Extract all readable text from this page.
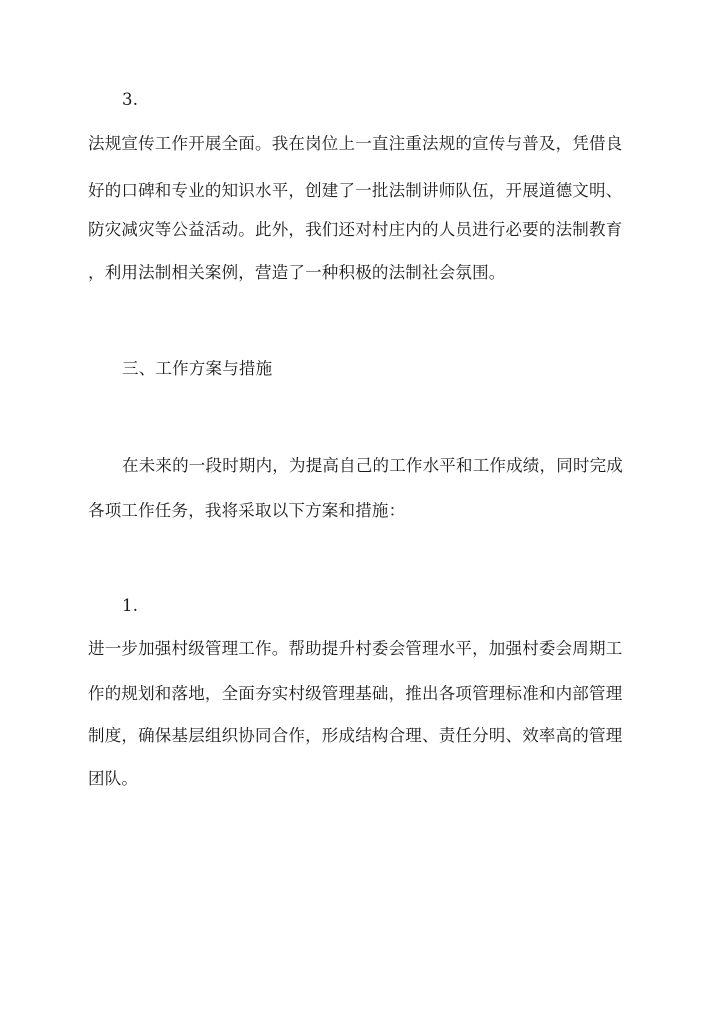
3.
法规宣传工作开展全面。我在岗位上一直注重法规的宣传与普及，凭借良
好的口碑和专业的知识水平，创建了一批法制讲师队伍，开展道德文明、
防灾减灾等公益活动。此外，我们还对村庄内的人员进行必要的法制教育
，利用法制相关案例，营造了一种积极的法制社会氛围。
三、工作方案与措施
在未来的一段时期内，为提高自己的工作水平和工作成绩，同时完成
各项工作任务，我将采取以下方案和措施：
1.
进一步加强村级管理工作。帮助提升村委会管理水平，加强村委会周期工
作的规划和落地，全面夯实村级管理基础，推出各项管理标准和内部管理
制度，确保基层组织协同合作，形成结构合理、责任分明、效率高的管理
团队。
